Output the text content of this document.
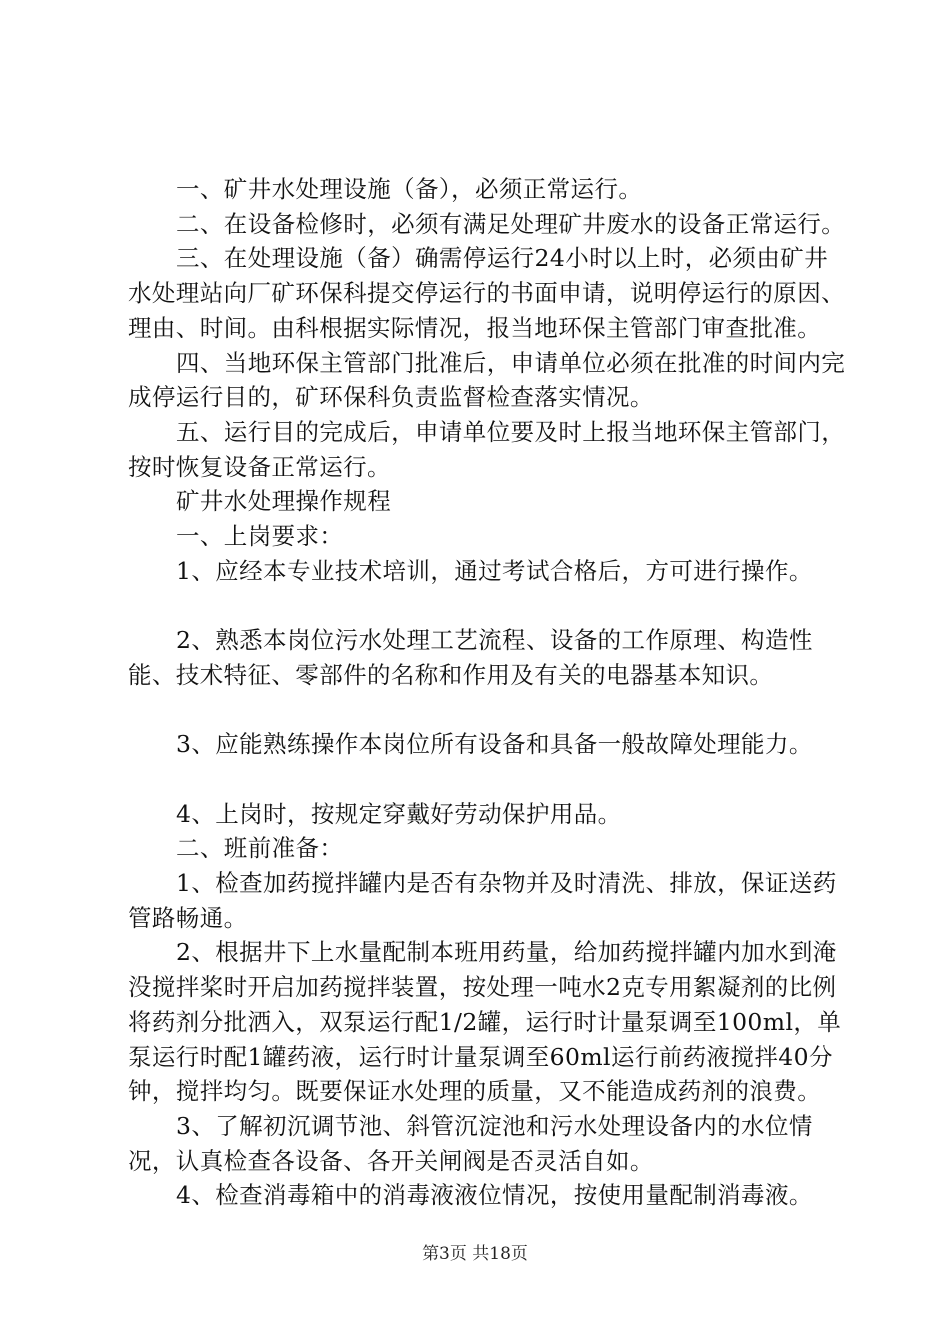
一、矿井水处理设施（备），必须正常运行。

二、在设备检修时，必须有满足处理矿井废水的设备正常运行。

三、在处理设施（备）确需停运行24小时以上时，必须由矿井水处理站向厂矿环保科提交停运行的书面申请，说明停运行的原因、理由、时间。由科根据实际情况，报当地环保主管部门审查批准。

四、当地环保主管部门批准后，申请单位必须在批准的时间内完成停运行目的，矿环保科负责监督检查落实情况。

五、运行目的完成后，申请单位要及时上报当地环保主管部门，按时恢复设备正常运行。

矿井水处理操作规程

一、上岗要求：

1、应经本专业技术培训，通过考试合格后，方可进行操作。

2、熟悉本岗位污水处理工艺流程、设备的工作原理、构造性能、技术特征、零部件的名称和作用及有关的电器基本知识。

3、应能熟练操作本岗位所有设备和具备一般故障处理能力。

4、上岗时，按规定穿戴好劳动保护用品。

二、班前准备：

1、检查加药搅拌罐内是否有杂物并及时清洗、排放，保证送药管路畅通。

2、根据井下上水量配制本班用药量，给加药搅拌罐内加水到淹没搅拌桨时开启加药搅拌装置，按处理一吨水2克专用絮凝剂的比例将药剂分批洒入，双泵运行配1/2罐，运行时计量泵调至100ml，单泵运行时配1罐药液，运行时计量泵调至60ml运行前药液搅拌40分钟，搅拌均匀。既要保证水处理的质量，又不能造成药剂的浪费。

3、了解初沉调节池、斜管沉淀池和污水处理设备内的水位情况，认真检查各设备、各开关闸阀是否灵活自如。

4、检查消毒箱中的消毒液液位情况，按使用量配制消毒液。

第3页 共18页
